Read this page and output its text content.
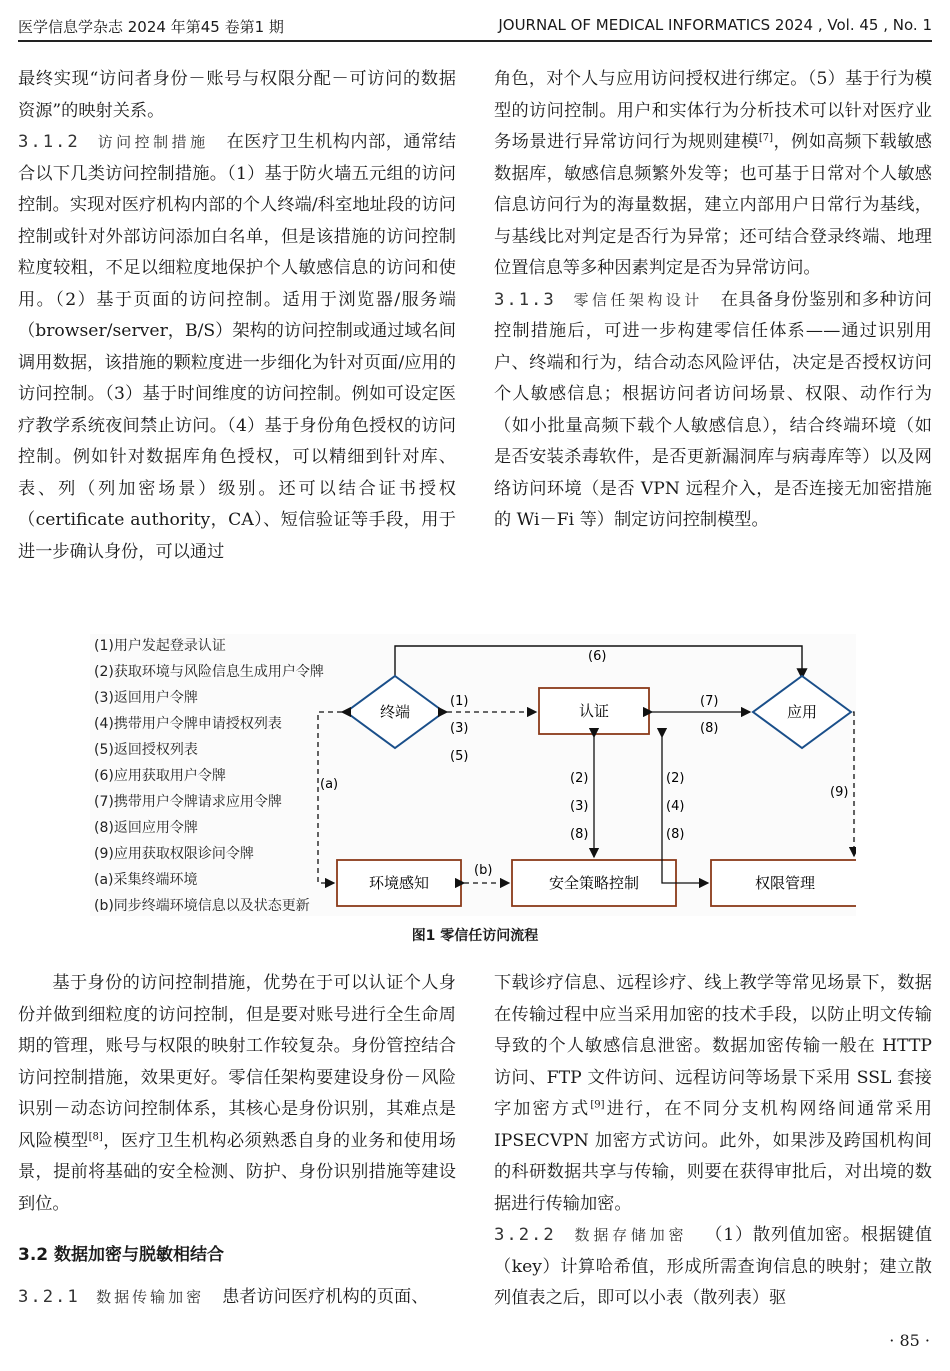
医学信息学杂志 2024 年第45 卷第1 期	JOURNAL OF MEDICAL INFORMATICS 2024 , Vol. 45 , No. 1

最终实现“访问者身份－账号与权限分配－可访问的数据资源”的映射关系。

3.1.2 访问控制措施 在医疗卫生机构内部，通常结合以下几类访问控制措施。（1）基于防火墙五元组的访问控制。实现对医疗机构内部的个人终端/科室地址段的访问控制或针对外部访问添加白名单，但是该措施的访问控制粒度较粗，不足以细粒度地保护个人敏感信息的访问和使用。（2）基于页面的访问控制。适用于浏览器/服务端（browser/server，B/S）架构的访问控制或通过域名间调用数据，该措施的颗粒度进一步细化为针对页面/应用的访问控制。（3）基于时间维度的访问控制。例如可设定医疗教学系统夜间禁止访问。（4）基于身份角色授权的访问控制。例如针对数据库角色授权，可以精细到针对库、表、列（列加密场景）级别。还可以结合证书授权（certificate authority，CA）、短信验证等手段，用于进一步确认身份，可以通过

角色，对个人与应用访问授权进行绑定。（5）基于行为模型的访问控制。用户和实体行为分析技术可以针对医疗业务场景进行异常访问行为规则建模[7]，例如高频下载敏感数据库，敏感信息频繁外发等；也可基于日常对个人敏感信息访问行为的海量数据，建立内部用户日常行为基线，与基线比对判定是否行为异常；还可结合登录终端、地理位置信息等多种因素判定是否为异常访问。

3.1.3 零信任架构设计 在具备身份鉴别和多种访问控制措施后，可进一步构建零信任体系——通过识别用户、终端和行为，结合动态风险评估，决定是否授权访问个人敏感信息；根据访问者访问场景、权限、动作行为（如小批量高频下载个人敏感信息），结合终端环境（如是否安装杀毒软件，是否更新漏洞库与病毒库等）以及网络访问环境（是否 VPN 远程介入，是否连接无加密措施的 Wi－Fi 等）制定访问控制模型。

(1)用户发起登录认证
(2)获取环境与风险信息生成用户令牌
(3)返回用户令牌
(4)携带用户令牌申请授权列表
(5)返回授权列表
(6)应用获取用户令牌
(7)携带用户令牌请求应用令牌
(8)返回应用令牌
(9)应用获取权限诊问令牌
(a)采集终端环境
(b)同步终端环境信息以及状态更新
(6)
终端	认证	应用
(1)
(3)
(5)
(7)
(8)
环境感知	安全策略控制	权限管理
(a)
(b)
(2)
(3)
(8)
(2)
(4)
(8)
(9)
图1 零信任访问流程

基于身份的访问控制措施，优势在于可以认证个人身份并做到细粒度的访问控制，但是要对账号进行全生命周期的管理，账号与权限的映射工作较复杂。身份管控结合访问控制措施，效果更好。零信任架构要建设身份－风险识别－动态访问控制体系，其核心是身份识别，其难点是风险模型[8]，医疗卫生机构必须熟悉自身的业务和使用场景，提前将基础的安全检测、防护、身份识别措施等建设到位。

3.2 数据加密与脱敏相结合

3.2.1 数据传输加密 患者访问医疗机构的页面、

下载诊疗信息、远程诊疗、线上教学等常见场景下，数据在传输过程中应当采用加密的技术手段，以防止明文传输导致的个人敏感信息泄密。数据加密传输一般在 HTTP 访问、FTP 文件访问、远程访问等场景下采用 SSL 套接字加密方式[9]进行，在不同分支机构网络间通常采用 IPSECVPN 加密方式访问。此外，如果涉及跨国机构间的科研数据共享与传输，则要在获得审批后，对出境的数据进行传输加密。

3.2.2 数据存储加密 （1）散列值加密。根据键值（key）计算哈希值，形成所需查询信息的映射；建立散列值表之后，即可以小表（散列表）驱

· 85 ·
